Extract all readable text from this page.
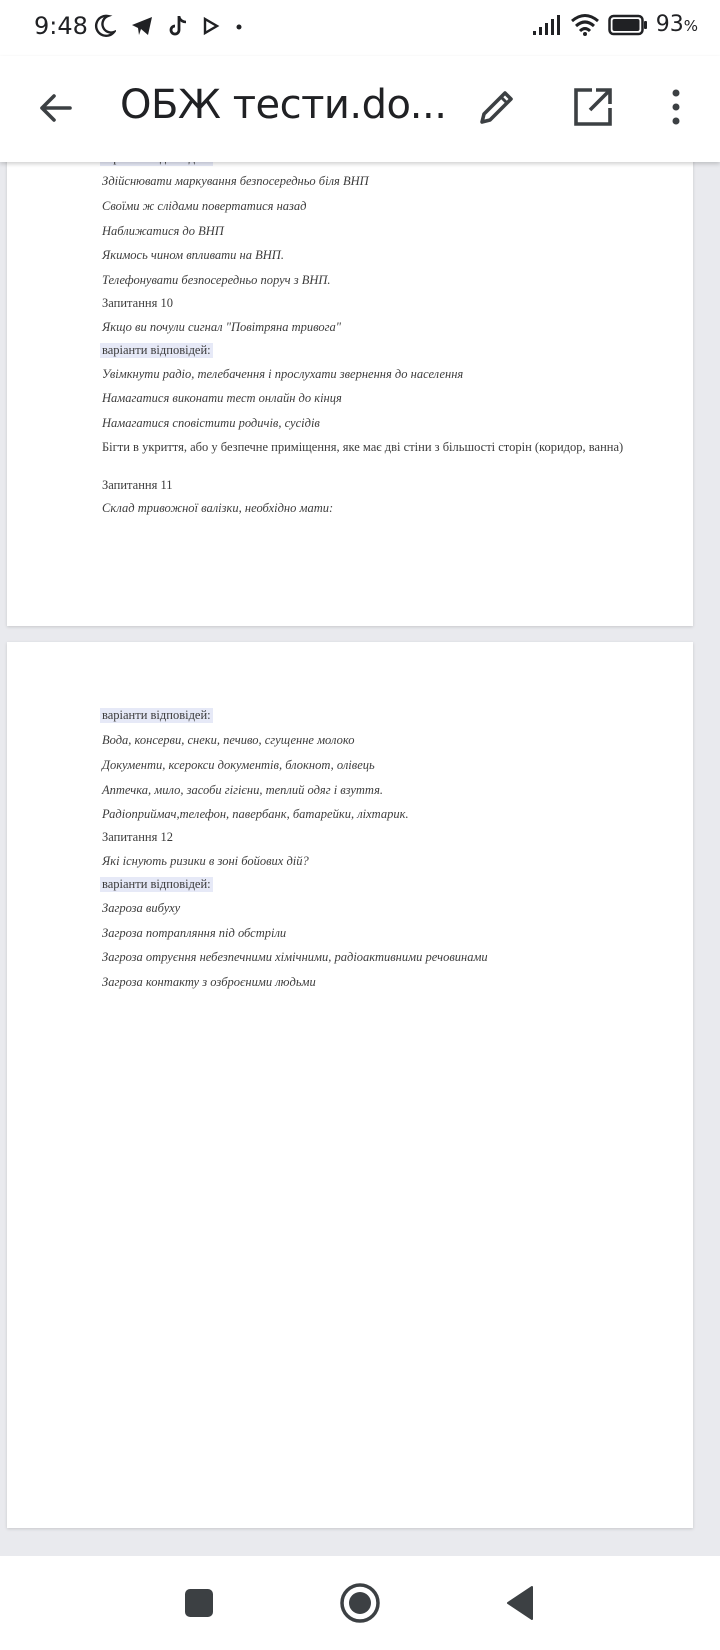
9:48	93%
ОБЖ тести.do...
Здійснювати маркування безпосередньо біля ВНП
Своїми ж слідами повертатися назад
Наближатися до ВНП
Якимось чином впливати на ВНП.
Телефонувати безпосередньо поруч з ВНП.
Запитання 10
Якщо ви почули сигнал "Повітряна тривога"
варіанти відповідей:
Увімкнути радіо, телебачення і прослухати звернення до населення
Намагатися виконати тест онлайн до кінця
Намагатися сповістити родичів, сусідів
Бігти в укриття, або у безпечне приміщення, яке має дві стіни з більшості сторін (коридор, ванна)
Запитання 11
Склад тривожної валізки, необхідно мати:
варіанти відповідей:
Вода, консерви, снеки, печиво, сгущенне молоко
Документи, ксерокси документів, блокнот, олівець
Аптечка, мило, засоби гігієни, теплий одяг і взуття.
Радіоприймач,телефон, павербанк, батарейки, ліхтарик.
Запитання 12
Які існують ризики в зоні бойових дій?
варіанти відповідей:
Загроза вибуху
Загроза потрапляння під обстріли
Загроза отруєння небезпечними хімічними, радіоактивними речовинами
Загроза контакту з озброєними людьми
